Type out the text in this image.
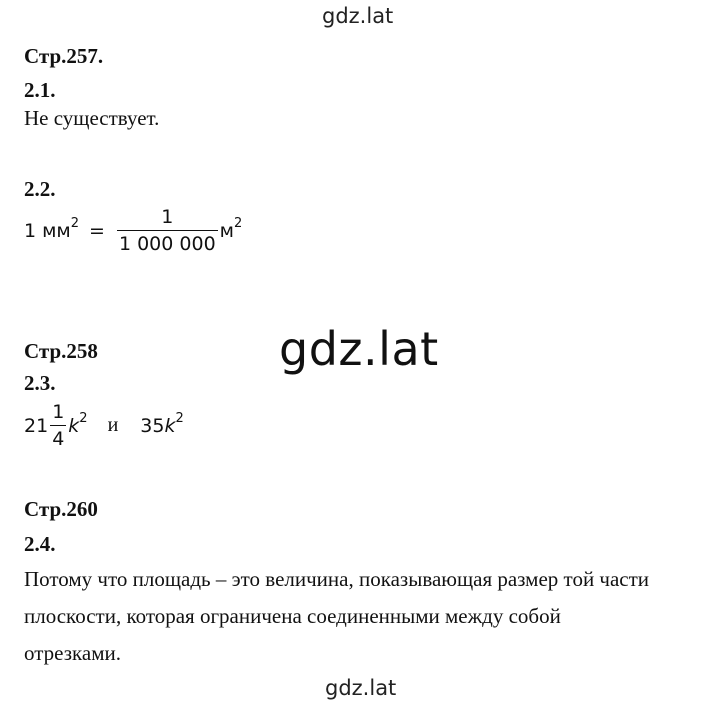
gdz.lat
Стр.257.
2.1.
Не существует.
2.2.
1 $мм^2 = \frac{1}{1 000 000} м^2$
gdz.lat
Стр.258
2.3.
$21 \frac{1}{4} k^2$ и 35 $k^2$
Стр.260
2.4.
Потому что площадь – это величина, показывающая размер той части
плоскости, которая ограничена соединенными между собой
отрезками.
gdz.lat
